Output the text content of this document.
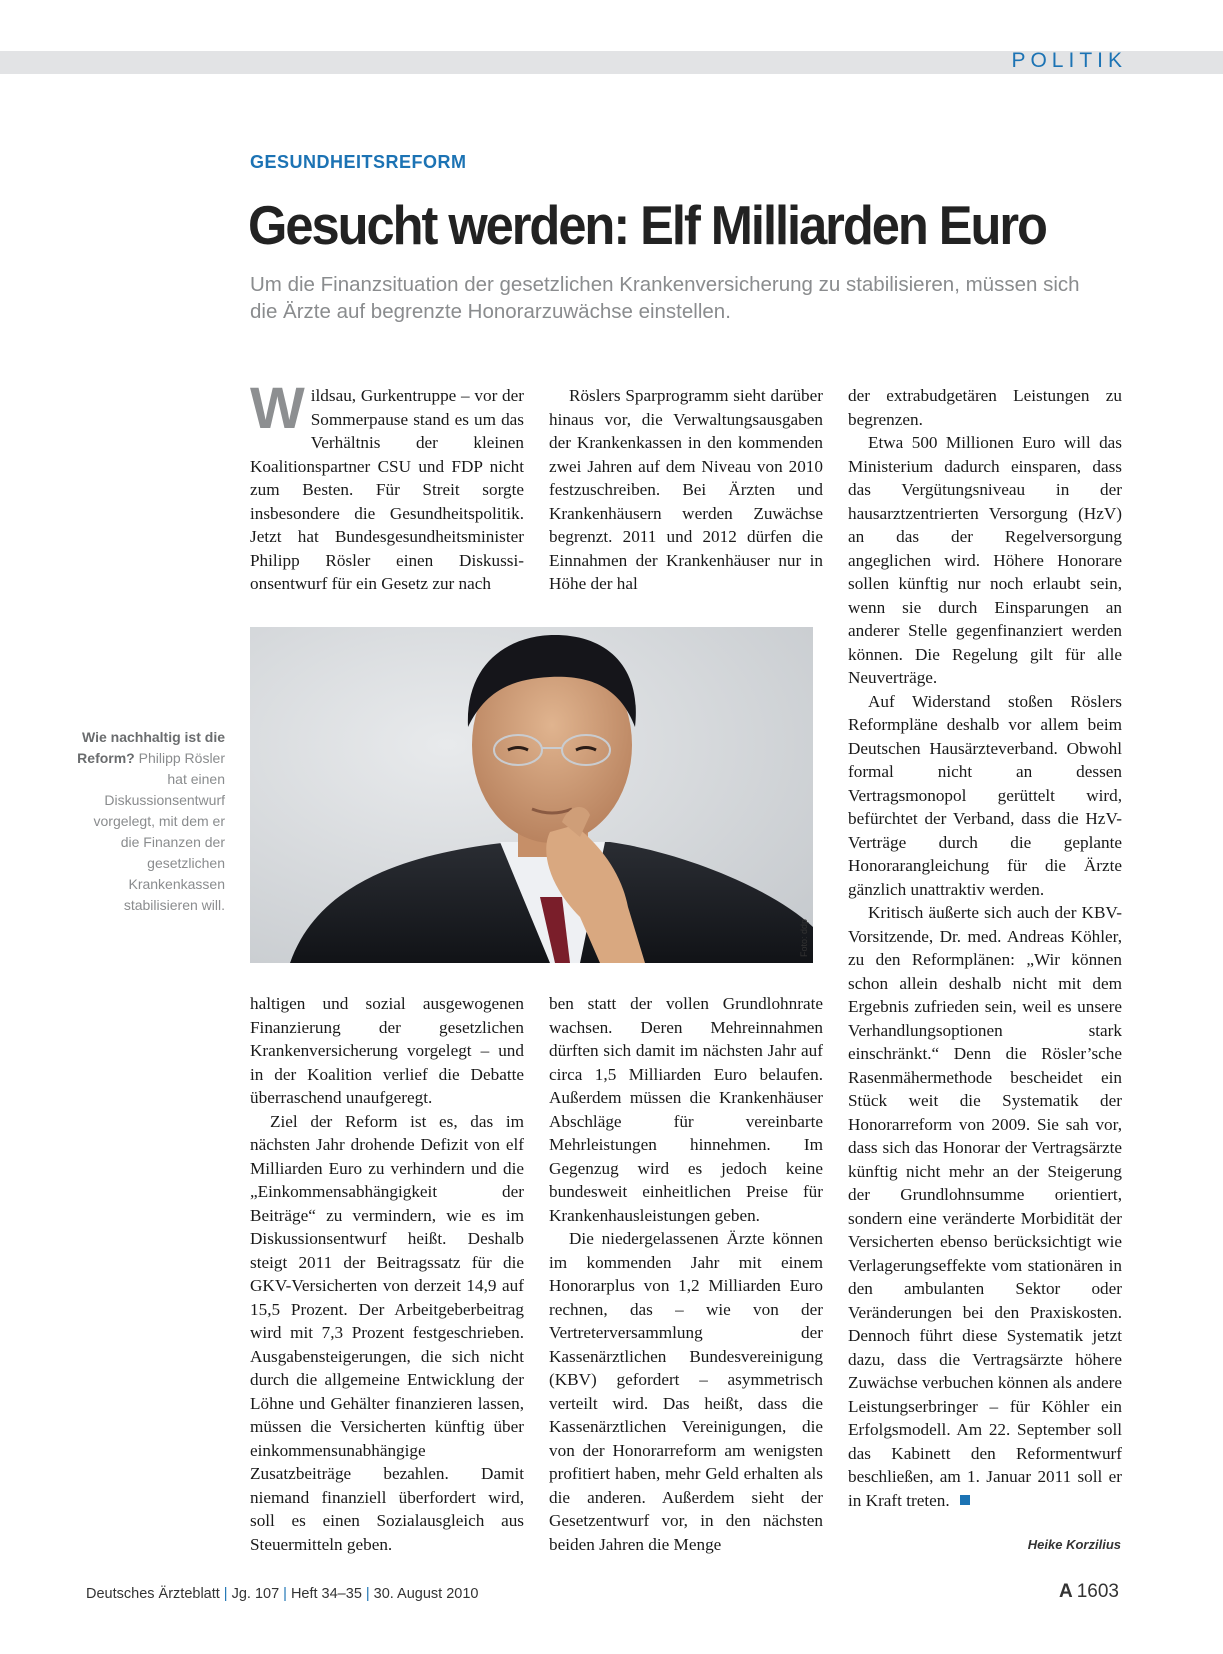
POLITIK
GESUNDHEITSREFORM
Gesucht werden: Elf Milliarden Euro

Um die Finanzsituation der gesetzlichen Krankenversicherung zu stabilisieren, müssen sich die Ärzte auf begrenzte Honorarzuwächse einstellen.

Wildsau, Gurkentruppe – vor der Sommerpause stand es um das Verhältnis der kleinen Koalitionspartner CSU und FDP nicht zum Besten. Für Streit sorgte insbesondere die Gesundheitspolitik. Jetzt hat Bundesgesundheitsminister Philipp Rösler einen Diskussionsentwurf für ein Gesetz zur nach

Röslers Sparprogramm sieht darüber hinaus vor, die Verwaltungsausgaben der Krankenkassen in den kommenden zwei Jahren auf dem Niveau von 2010 festzuschreiben. Bei Ärzten und Krankenhäusern werden Zuwächse begrenzt. 2011 und 2012 dürfen die Einnahmen der Krankenhäuser nur in Höhe der hal

Foto: ddp

Wie nachhaltig ist die Reform? Philipp Rösler hat einen Diskussionsentwurf vorgelegt, mit dem er die Finanzen der gesetzlichen Krankenkassen stabilisieren will.

haltigen und sozial ausgewogenen Finanzierung der gesetzlichen Krankenversicherung vorgelegt – und in der Koalition verlief die Debatte überraschend unaufgeregt.

Ziel der Reform ist es, das im nächsten Jahr drohende Defizit von elf Milliarden Euro zu verhindern und die „Einkommensabhängigkeit der Beiträge“ zu vermindern, wie es im Diskussionsentwurf heißt. Deshalb steigt 2011 der Beitragssatz für die GKV-Versicherten von derzeit 14,9 auf 15,5 Prozent. Der Arbeitgeberbeitrag wird mit 7,3 Prozent festgeschrieben. Ausgabensteigerungen, die sich nicht durch die allgemeine Entwicklung der Löhne und Gehälter finanzieren lassen, müssen die Versicherten künftig über einkommensunabhängige Zusatzbeiträge bezahlen. Damit niemand finanziell überfordert wird, soll es einen Sozialausgleich aus Steuermitteln geben.

ben statt der vollen Grundlohnrate wachsen. Deren Mehreinnahmen dürften sich damit im nächsten Jahr auf circa 1,5 Milliarden Euro belaufen. Außerdem müssen die Krankenhäuser Abschläge für vereinbarte Mehrleistungen hinnehmen. Im Gegenzug wird es jedoch keine bundesweit einheitlichen Preise für Krankenhausleistungen geben.

Die niedergelassenen Ärzte können im kommenden Jahr mit einem Honorarplus von 1,2 Milliarden Euro rechnen, das – wie von der Vertreterversammlung der Kassenärztlichen Bundesvereinigung (KBV) gefordert – asymmetrisch verteilt wird. Das heißt, dass die Kassenärztlichen Vereinigungen, die von der Honorarreform am wenigsten profitiert haben, mehr Geld erhalten als die anderen. Außerdem sieht der Gesetzentwurf vor, in den nächsten beiden Jahren die Menge

der extrabudgetären Leistungen zu begrenzen.

Etwa 500 Millionen Euro will das Ministerium dadurch einsparen, dass das Vergütungsniveau in der hausarztzentrierten Versorgung (HzV) an das der Regelversorgung angeglichen wird. Höhere Honorare sollen künftig nur noch erlaubt sein, wenn sie durch Einsparungen an anderer Stelle gegenfinanziert werden können. Die Regelung gilt für alle Neuverträge.

Auf Widerstand stoßen Röslers Reformpläne deshalb vor allem beim Deutschen Hausärzteverband. Obwohl formal nicht an dessen Vertragsmonopol gerüttelt wird, befürchtet der Verband, dass die HzV-Verträge durch die geplante Honorarangleichung für die Ärzte gänzlich unattraktiv werden.

Kritisch äußerte sich auch der KBV-Vorsitzende, Dr. med. Andreas Köhler, zu den Reformplänen: „Wir können schon allein deshalb nicht mit dem Ergebnis zufrieden sein, weil es unsere Verhandlungsoptionen stark einschränkt.“ Denn die Rösler’sche Rasenmähermethode bescheidet ein Stück weit die Systematik der Honorarreform von 2009. Sie sah vor, dass sich das Honorar der Vertragsärzte künftig nicht mehr an der Steigerung der Grundlohnsumme orientiert, sondern eine veränderte Morbidität der Versicherten ebenso berücksichtigt wie Verlagerungseffekte vom stationären in den ambulanten Sektor oder Veränderungen bei den Praxiskosten. Dennoch führt diese Systematik jetzt dazu, dass die Vertragsärzte höhere Zuwächse verbuchen können als andere Leistungserbringer – für Köhler ein Erfolgsmodell. Am 22. September soll das Kabinett den Reformentwurf beschließen, am 1. Januar 2011 soll er in Kraft treten.

Heike Korzilius
Deutsches Ärzteblatt | Jg. 107 | Heft 34–35 | 30. August 2010	A 1603
